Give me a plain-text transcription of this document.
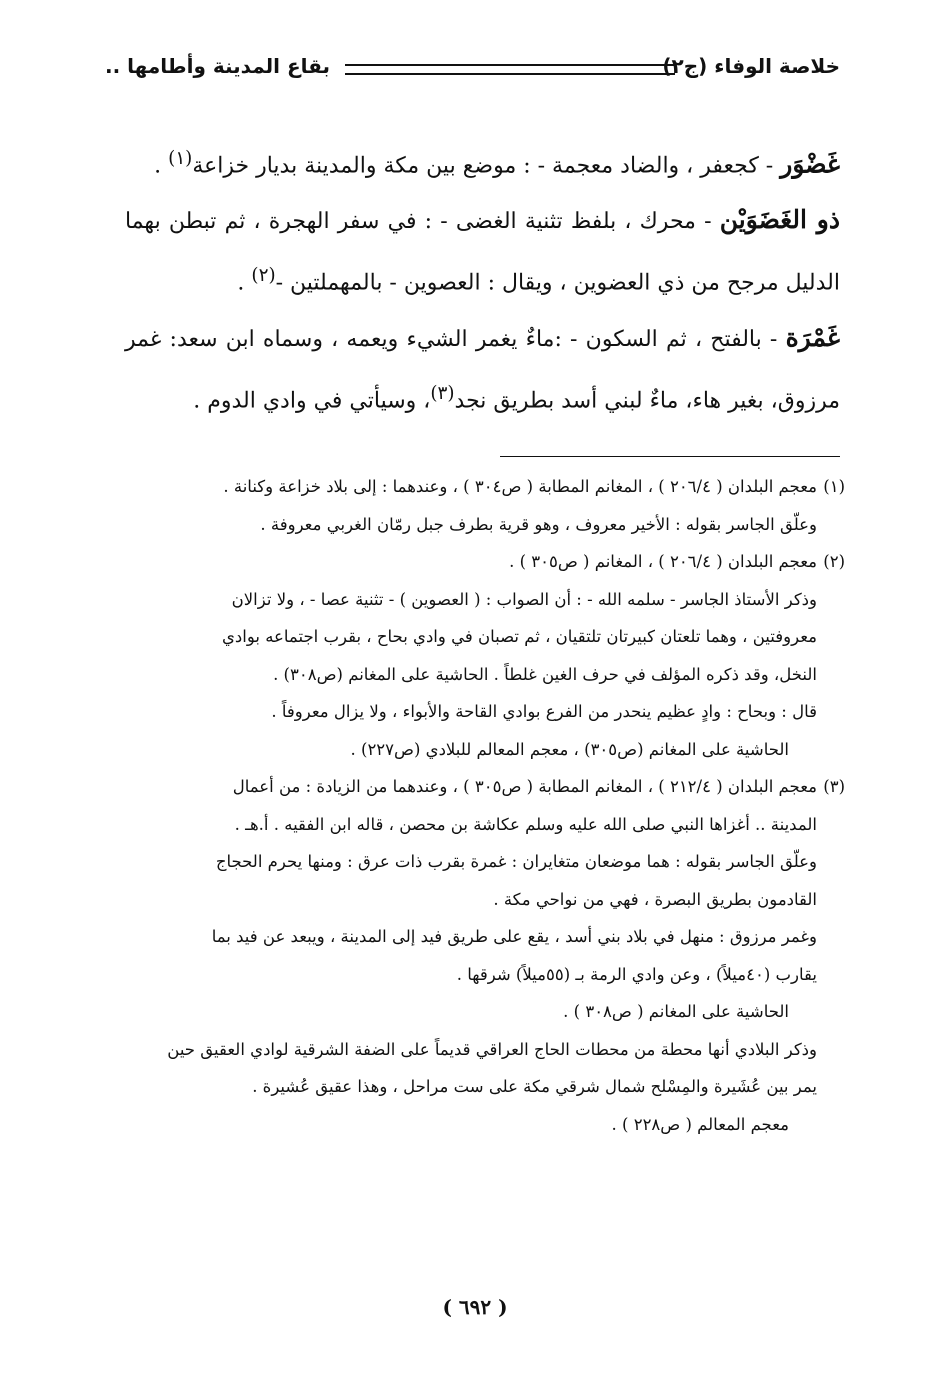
خلاصة الوفاء (ج٢)
بقاع المدينة وأطامها ..

غَضْوَر - كجعفر ، والضاد معجمة - : موضع بين مكة والمدينة بديار خزاعة$^{(١)}$ .

ذو الغَضَوَيْن - محرك ، بلفظ تثنية الغضى - : في سفر الهجرة ، ثم تبطن بهما الدليل مرجح من ذي العضوين ، ويقال : العصوين - بالمهملتين -$^{(٢)}$ .

غَمْرَة - بالفتح ، ثم السكون - :ماءٌ يغمر الشيء ويعمه ، وسماه ابن سعد: غمر مرزوق، بغير هاء، ماءٌ لبني أسد بطريق نجد$^{(٣)}$، وسيأتي في وادي الدوم .

(١)معجم البلدان ( ٢٠٦/٤ ) ، المغانم المطابة ( ص٣٠٤ ) ، وعندهما : إلى بلاد خزاعة وكنانة .

وعلّق الجاسر بقوله : الأخير معروف ، وهو قرية بطرف جبل رمّان الغربي معروفة .

(٢)معجم البلدان ( ٢٠٦/٤ ) ، المغانم ( ص٣٠٥ ) .

وذكر الأستاذ الجاسر - سلمه الله - : أن الصواب : ( العصوين ) - تثنية عصا - ، ولا تزالان

معروفتين ، وهما تلعتان كبيرتان تلتقيان ، ثم تصبان في وادي بحاح ، بقرب اجتماعه بوادي

النخل، وقد ذكره المؤلف في حرف الغين غلطاً . الحاشية على المغانم (ص٣٠٨) .

قال : وبحاح : وادٍ عظيم ينحدر من الفرع بوادي القاحة والأبواء ، ولا يزال معروفاً .

الحاشية على المغانم (ص٣٠٥) ، معجم المعالم للبلادي (ص٢٢٧) .

(٣)معجم البلدان ( ٢١٢/٤ ) ، المغانم المطابة ( ص٣٠٥ ) ، وعندهما من الزيادة : من أعمال

المدينة .. أغزاها النبي صلى الله عليه وسلم عكاشة بن محصن ، قاله ابن الفقيه . أ.هـ .

وعلّق الجاسر بقوله : هما موضعان متغايران : غمرة بقرب ذات عرق : ومنها يحرم الحجاج

القادمون بطريق البصرة ، فهي من نواحي مكة .

وغمر مرزوق : منهل في بلاد بني أسد ، يقع على طريق فيد إلى المدينة ، ويبعد عن فيد بما

يقارب (٤٠ميلاً) ، وعن وادي الرمة بـ (٥٥ميلاً) شرقها .

الحاشية على المغانم ( ص٣٠٨ ) .

وذكر البلادي أنها محطة من محطات الحاج العراقي قديماً على الضفة الشرقية لوادي العقيق حين

يمر بين عُشَيرة والمِسْلح شمال شرقي مكة على ست مراحل ، وهذا عقيق عُشيرة .

معجم المعالم ( ص٢٢٨ ) .

( ٦٩٢ )
